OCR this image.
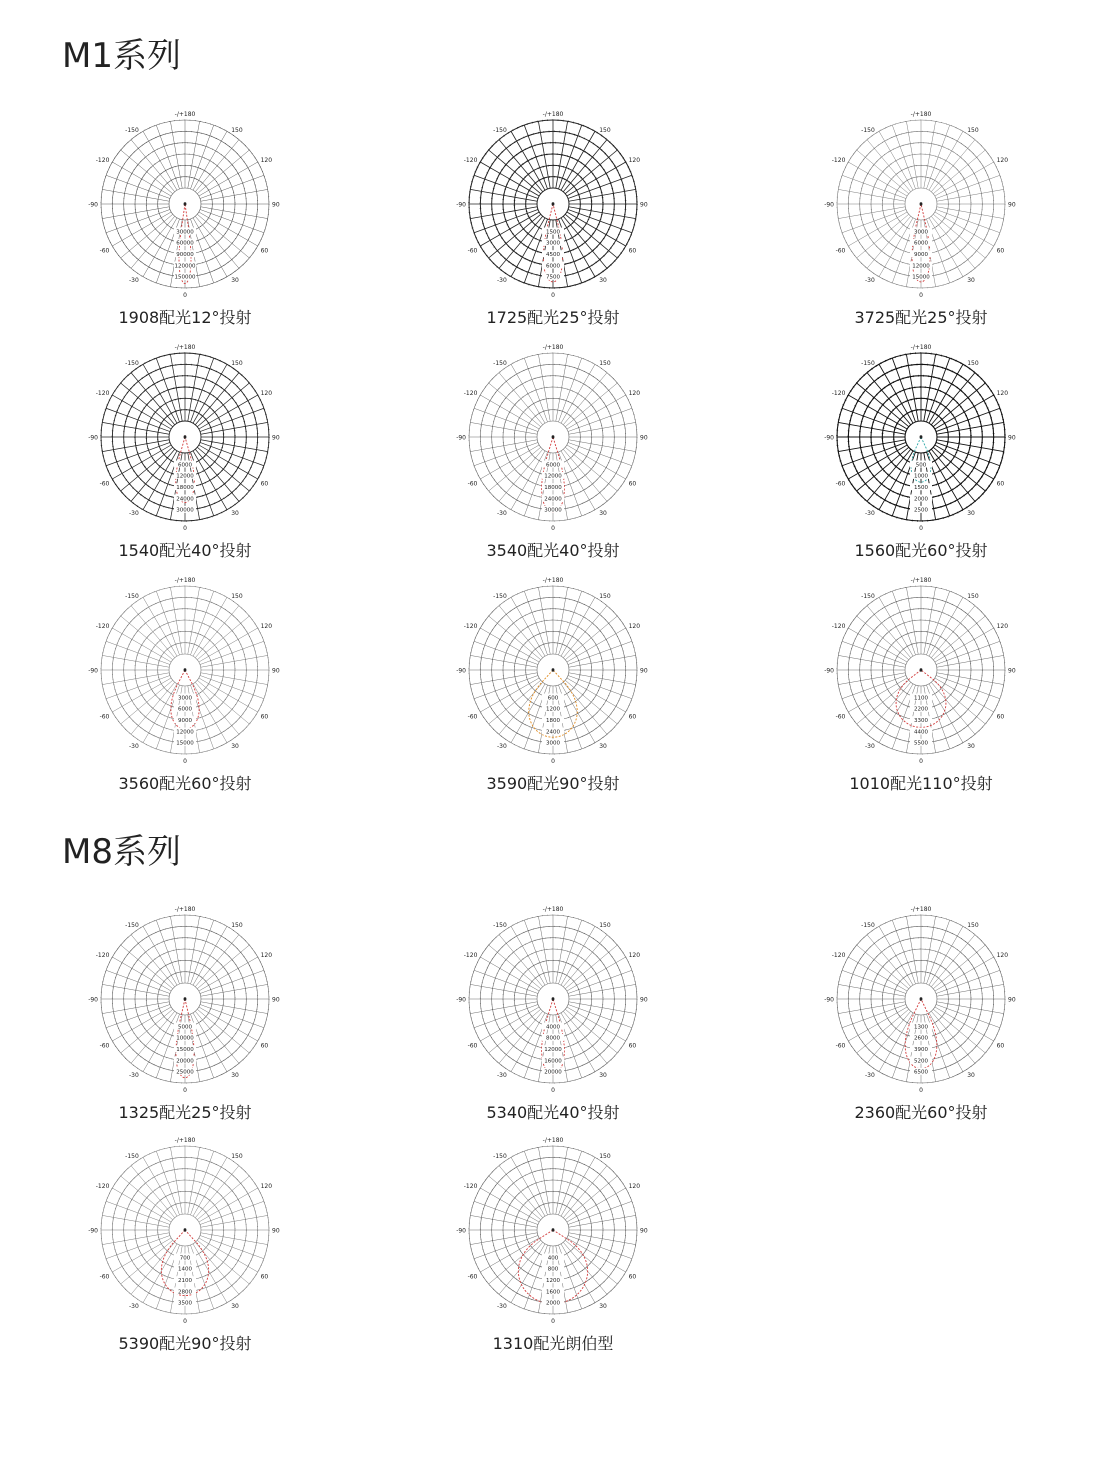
M1系列
M8系列
-/+180
0
-150	150
-120	120
-90	90
-60	60
-30	30
0
30000
60000
90000
120000
150000
1908配光12°投射
-/+180
0
-150	150
-120	120
-90	90
-60	60
-30	30
0
1500
3000
4500
6000
7500
1725配光25°投射
-/+180
0
-150	150
-120	120
-90	90
-60	60
-30	30
0
3000
6000
9000
12000
15000
3725配光25°投射
-/+180
0
-150	150
-120	120
-90	90
-60	60
-30	30
0
6000
12000
18000
24000
30000
1540配光40°投射
-/+180
0
-150	150
-120	120
-90	90
-60	60
-30	30
0
6000
12000
18000
24000
30000
3540配光40°投射
-/+180
0
-150	150
-120	120
-90	90
-60	60
-30	30
0
500
1000
1500
2000
2500
1560配光60°投射
-/+180
0
-150	150
-120	120
-90	90
-60	60
-30	30
0
3000
6000
9000
12000
15000
3560配光60°投射
-/+180
0
-150	150
-120	120
-90	90
-60	60
-30	30
0
600
1200
1800
2400
3000
3590配光90°投射
-/+180
0
-150	150
-120	120
-90	90
-60	60
-30	30
0
1100
2200
3300
4400
5500
1010配光110°投射
-/+180
0
-150	150
-120	120
-90	90
-60	60
-30	30
0
5000
10000
15000
20000
25000
1325配光25°投射
-/+180
0
-150	150
-120	120
-90	90
-60	60
-30	30
0
4000
8000
12000
16000
20000
5340配光40°投射
-/+180
0
-150	150
-120	120
-90	90
-60	60
-30	30
0
1300
2600
3900
5200
6500
2360配光60°投射
-/+180
0
-150	150
-120	120
-90	90
-60	60
-30	30
0
700
1400
2100
2800
3500
5390配光90°投射
-/+180
0
-150	150
-120	120
-90	90
-60	60
-30	30
0
400
800
1200
1600
2000
1310配光朗伯型
